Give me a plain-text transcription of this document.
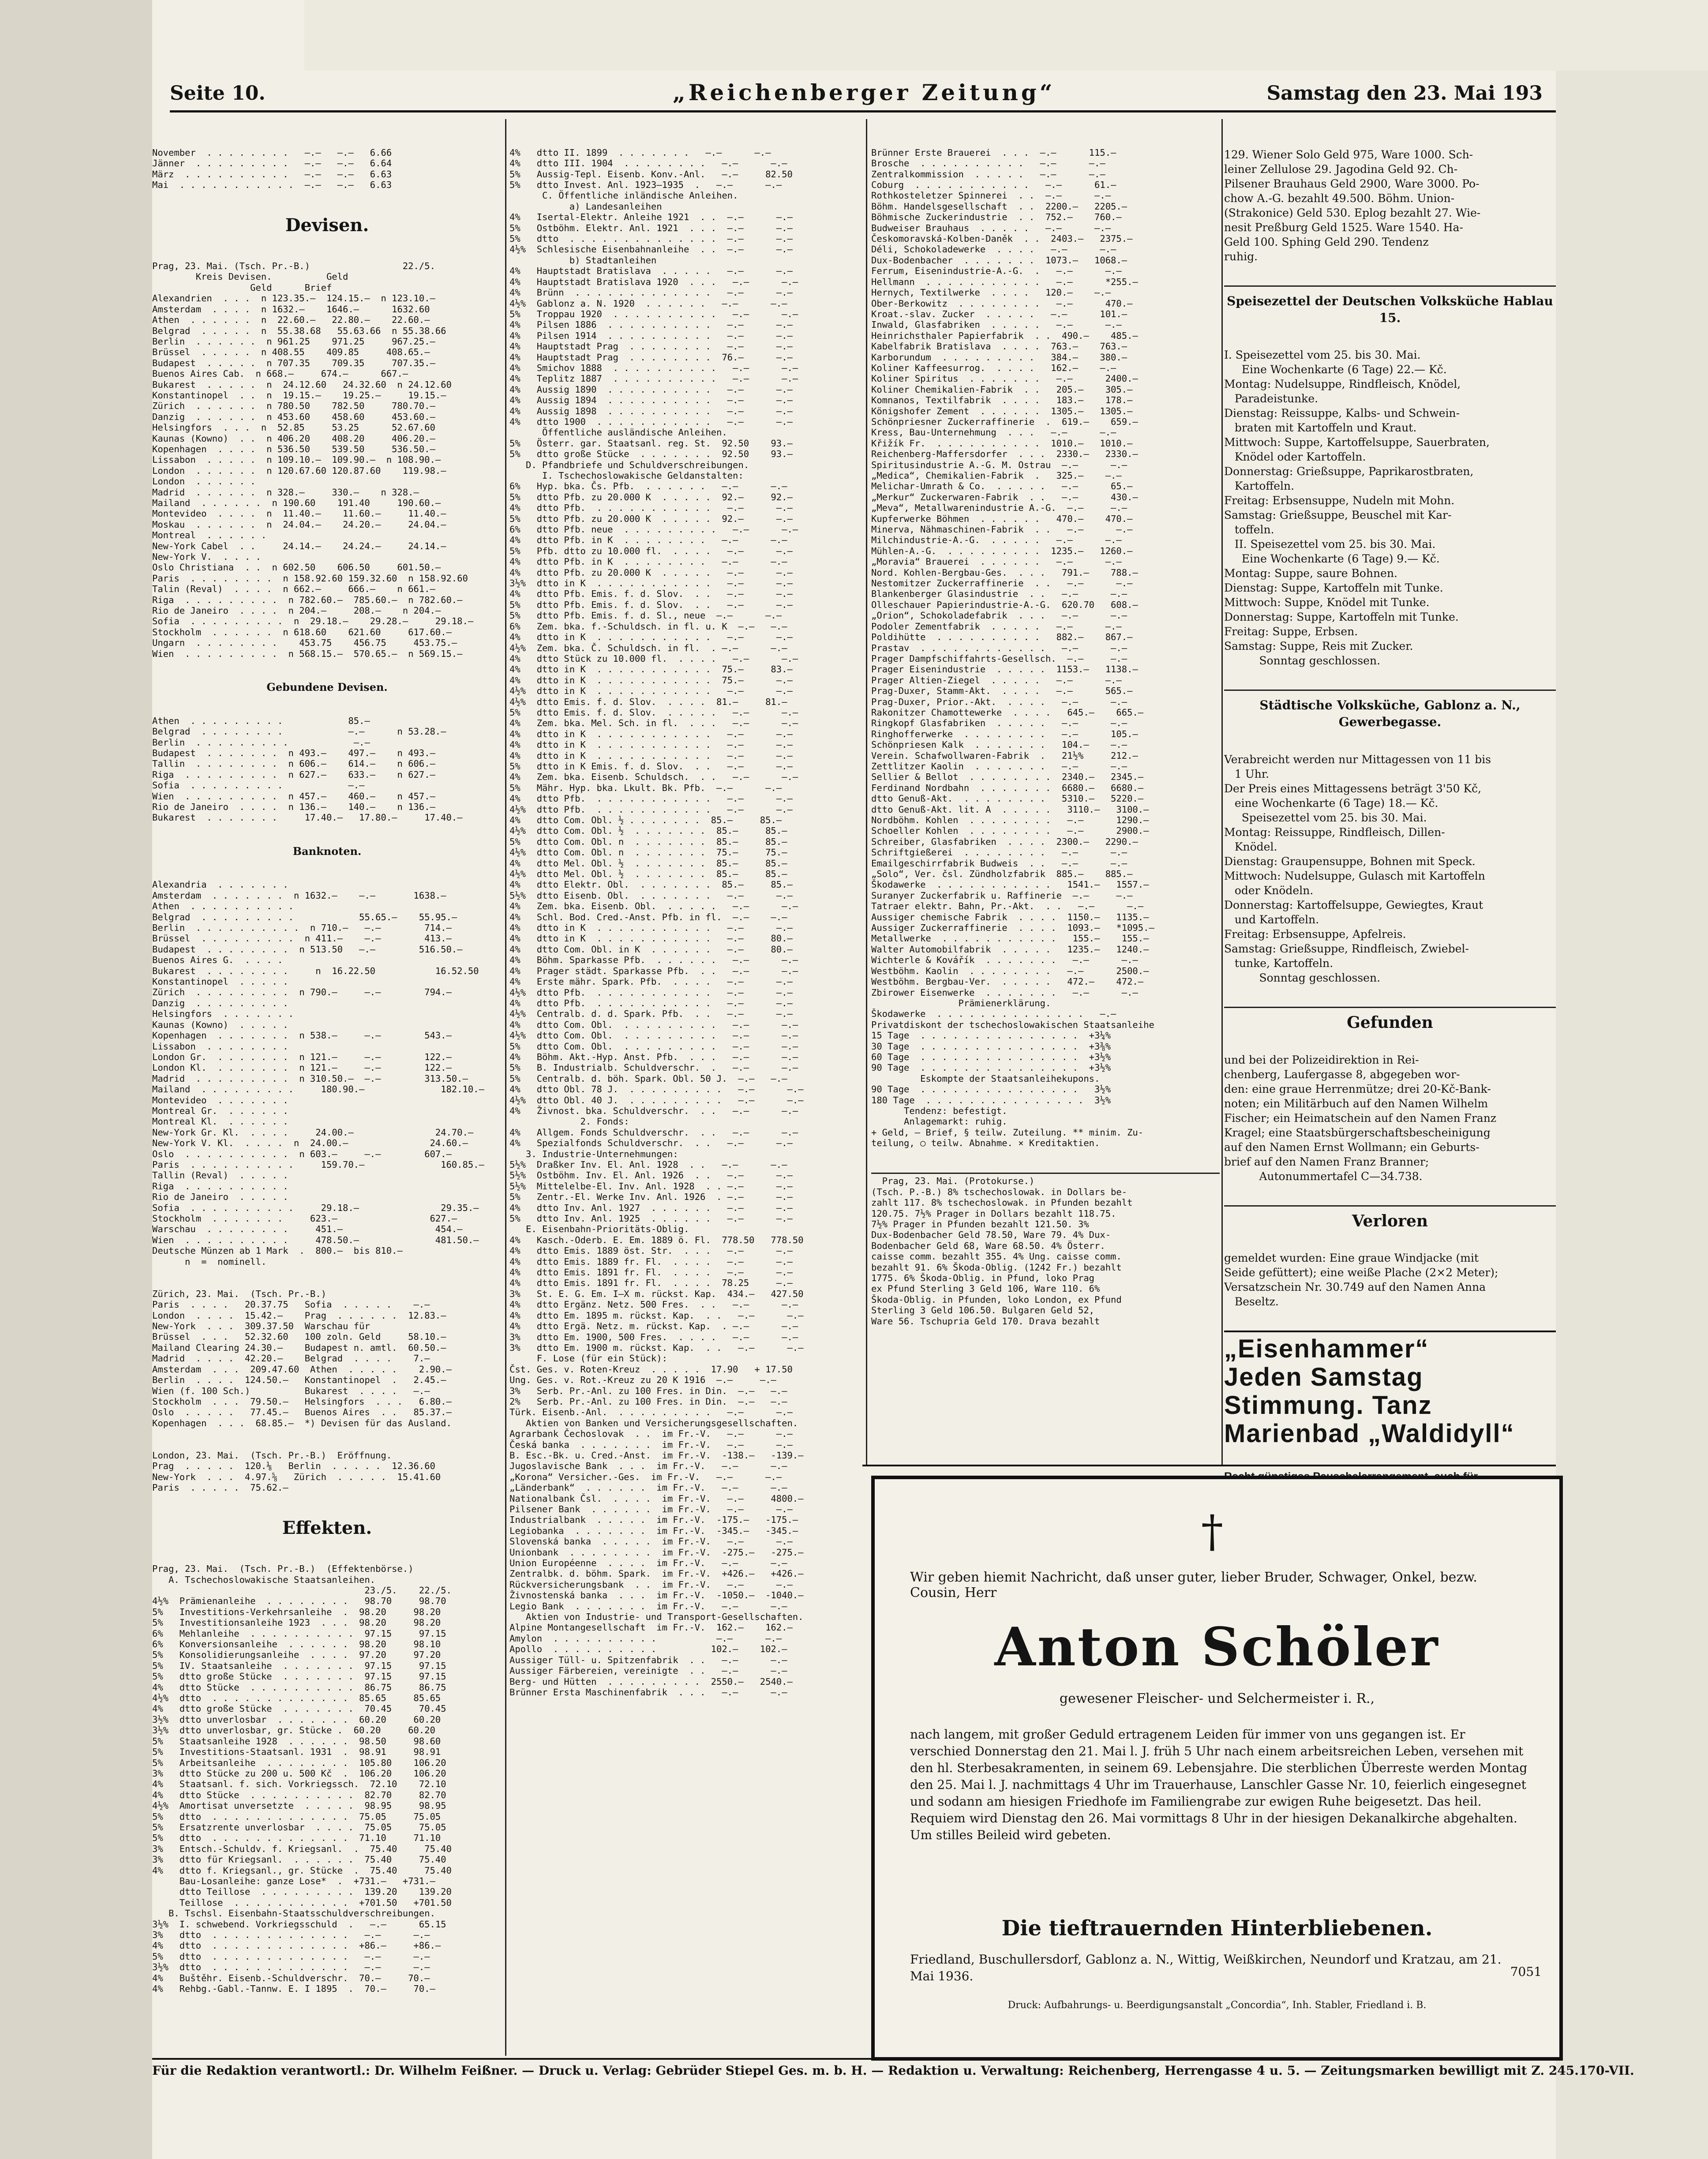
Seite 10.	„Reichenberger Zeitung“	Samstag den 23. Mai 193

November  . . . . . . . .   —.—   —.—   6.66
Jänner  . . . . . . . . .   —.—   —.—   6.64
März  . . . . . . . . . .   —.—   —.—   6.63
Mai  . . . . . . . . . . .  —.—   —.—   6.63

Devisen.

Prag, 23. Mai. (Tsch. Pr.-B.)                 22./5.
Kreis Devisen.          Geld
Geld      Brief
Alexandrien  . . .  n 123.35.—  124.15.—  n 123.10.—
Amsterdam  . . . .  n 1632.—    1646.—      1632.60
Athen  . . . . . .  n  22.60.—   22.80.—    22.60.—
Belgrad  . . . . .  n  55.38.68   55.63.66  n 55.38.66
Berlin  . . . . . .  n 961.25    971.25     967.25.—
Brüssel  . . . . .  n 408.55    409.85     408.65.—
Budapest  . . . . .  n 707.35    709.35     707.35.—
Buenos Aires Cab.  n 668.—     674.—      667.—
Bukarest  . . . . .  n  24.12.60   24.32.60  n 24.12.60
Konstantinopel  . .  n  19.15.—    19.25.—     19.15.—
Zürich  . . . . . .  n 780.50    782.50     780.70.—
Danzig  . . . . . .  n 453.60    458.60     453.60.—
Helsingfors  . . .  n  52.85     53.25      52.67.60
Kaunas (Kowno)  . .  n 406.20    408.20     406.20.—
Kopenhagen  . . . .  n 536.50    539.50     536.50.—
Lissabon  . . . . .  n 109.10.—  109.90.—  n 108.90.—
London  . . . . . .  n 120.67.60 120.87.60    119.98.—
London  . . . . . .
Madrid  . . . . . .  n 328.—     330.—    n 328.—
Mailand  . . . . . .  n 190.60    191.40     190.60.—
Montevideo  . . . .  n  11.40.—    11.60.—     11.40.—
Moskau  . . . . . .  n  24.04.—    24.20.—     24.04.—
Montreal  . . . . . .
New-York Cabel  . .     24.14.—    24.24.—     24.14.—
New-York V.  . . . .
Oslo Christiana  . .  n 602.50    606.50     601.50.—
Paris  . . . . . . . .  n 158.92.60 159.32.60  n 158.92.60
Talin (Reval)  . . . .  n 662.—     666.—    n 661.—
Riga  . . . . . . . . .  n 782.60.—  785.60.—  n 782.60.—
Rio de Janeiro  . . . .  n 204.—     208.—    n 204.—
Sofia  . . . . . . . . .  n  29.18.—    29.28.—     29.18.—
Stockholm  . . . . . .  n 618.60    621.60     617.60.—
Ungarn  . . . . . . . .    453.75    456.75     453.75.—
Wien  . . . . . . . . .  n 568.15.—  570.65.—  n 569.15.—

Gebundene Devisen.

Athen  . . . . . . . . .            85.—
Belgrad  . . . . . . . .            —.—      n 53.28.—
Berlin  . . . . . . . . .            —.—
Budapest  . . . . . . .  n 493.—    497.—    n 493.—
Tallin  . . . . . . . .  n 606.—    614.—    n 606.—
Riga  . . . . . . . . .  n 627.—    633.—    n 627.—
Sofia  . . . . . . . . .            —.—
Wien  . . . . . . . . .  n 457.—    460.—    n 457.—
Rio de Janeiro  . . . .  n 136.—    140.—    n 136.—
Bukarest  . . . . . . .     17.40.—   17.80.—     17.40.—

Banknoten.

Alexandria  . . . . . . .
Amsterdam  . . . . . . .  n 1632.—    —.—       1638.—
Athen  . . . . . . . . . .
Belgrad  . . . . . . . . .            55.65.—    55.95.—
Berlin  . . . . . . . . . .  n 710.—   —.—        714.—
Brüssel  . . . . . . . . .  n 411.—    —.—        413.—
Budapest  . . . . . . . .  n 513.50   —.—        516.50.—
Buenos Aires G.  . . . .
Bukarest  . . . . . . . .     n  16.22.50           16.52.50
Konstantinopel  . . . . .
Zürich  . . . . . . . . .  n 790.—     —.—        794.—
Danzig  . . . . . . . . .
Helsingfors  . . . . . . .
Kaunas (Kowno)  . . . . .
Kopenhagen  . . . . . . .  n 538.—     —.—        543.—
Lissabon  . . . . . . . .
London Gr.  . . . . . . .  n 121.—     —.—        122.—
London Kl.  . . . . . . .  n 121.—     —.—        122.—
Madrid  . . . . . . . . .  n 310.50.—  —.—        313.50.—
Mailand  . . . . . . . . .     180.90.—              182.10.—
Montevideo  . . . . . . .
Montreal Gr.  . . . . . .
Montreal Kl.  . . . . . .
New-York Gr. Kl.  . . . .     24.00.—               24.70.—
New-York V. Kl.  . . . .  n  24.00.—               24.60.—
Oslo  . . . . . . . . . .  n 603.—     —.—        607.—
Paris  . . . . . . . . . .     159.70.—              160.85.—
Tallin (Reval)  . . . . .
Riga  . . . . . . . . . .
Rio de Janeiro  . . . . .
Sofia  . . . . . . . . . .     29.18.—               29.35.—
Stockholm  . . . . . . .     623.—                 627.—
Warschau  . . . . . . . .     451.—                 454.—
Wien  . . . . . . . . . .     478.50.—              481.50.—
Deutsche Münzen ab 1 Mark  .  800.—  bis 810.—
n  =  nominell.

Zürich, 23. Mai.  (Tsch. Pr.-B.)
Paris  . . . .   20.37.75   Sofia  . . . . .    —.—
London  . . . .  15.42.—    Prag  . . . . . .  12.83.—
New-York  . . .  309.37.50  Warschau für
Brüssel  . . .   52.32.60   100 zoln. Geld     58.10.—
Mailand Clearing 24.30.—    Budapest n. amtl.  60.50.—
Madrid  . . . .  42.20.—    Belgrad  . . . .    7.—
Amsterdam  . . .  209.47.60  Athen  . . . . .    2.90.—
Berlin  . . . .  124.50.—   Konstantinopel  .   2.45.—
Wien (f. 100 Sch.)          Bukarest  . . . .   —.—
Stockholm  . . .  79.50.—   Helsingfors  . . .   6.80.—
Oslo  . . . . .   77.45.—   Buenos Aires  . .   85.37.—
Kopenhagen  . . .  68.85.—  *) Devisen für das Ausland.

London, 23. Mai.  (Tsch. Pr.-B.)  Eröffnung.
Prag  . . . . .  120.⅛   Berlin  . . . . .  12.36.60
New-York  . . .  4.97.⅝   Zürich  . . . . .  15.41.60
Paris  . . . . .  75.62.—

Effekten.

Prag, 23. Mai.  (Tsch. Pr.-B.)  (Effektenbörse.)
A. Tschechoslowakische Staatsanleihen.
23./5.    22./5.
4½%  Prämienanleihe  . . . . . . . .   98.70     98.70
5%   Investitions-Verkehrsanleihe  .  98.20     98.20
5%   Investitionsanleihe 1923  . . .  98.20     98.20
6%   Mehlanleihe  . . . . . . . . . .  97.15     97.15
6%   Konversionsanleihe  . . . . . .  98.20     98.10
5%   Konsolidierungsanleihe  . . . .  97.20     97.20
5%   IV. Staatsanleihe  . . . . . . .  97.15     97.15
5%   dtto große Stücke  . . . . . . .  97.15     97.15
4%   dtto Stücke  . . . . . . . . . .  86.75     86.75
4½%  dtto  . . . . . . . . . . . . .  85.65     85.65
4%   dtto große Stücke  . . . . . . .  70.45     70.45
3½%  dtto unverlosbar  . . . . . . .  60.20     60.20
3½%  dtto unverlosbar, gr. Stücke .  60.20     60.20
5%   Staatsanleihe 1928  . . . . . .  98.50     98.60
5%   Investitions-Staatsanl. 1931  .  98.91     98.91
5%   Arbeitsanleihe  . . . . . . . .  105.80    106.20
3%   dtto Stücke zu 200 u. 500 Kč  .  106.20    106.20
4%   Staatsanl. f. sich. Vorkriegssch.  72.10    72.10
4%   dtto Stücke  . . . . . . . . . .  82.70     82.70
4½%  Amortisat unversetzte  . . . . .  98.95     98.95
5%   dtto  . . . . . . . . . . . . .  75.05     75.05
5%   Ersatzrente unverlosbar  . . . .  75.05     75.05
5%   dtto  . . . . . . . . . . . . .  71.10     71.10
3%   Entsch.-Schuldv. f. Kriegsanl.  .  75.40     75.40
3%   dtto für Kriegsanl.  . . . . . .  75.40     75.40
4%   dtto f. Kriegsanl., gr. Stücke  .  75.40     75.40
Bau-Losanleihe: ganze Lose*  .  +731.—   +731.—
dtto Teillose  . . . . . . . . .  139.20    139.20
Teillose  . . . . . . . . . . .  +701.50   +701.50
B. Tschsl. Eisenbahn-Staatsschuldverschreibungen.
3½%  I. schwebend. Vorkriegsschuld  .   —.—      65.15
3%   dtto  . . . . . . . . . . . . .   —.—      —.—
4%   dtto  . . . . . . . . . . . . .  +86.—     +86.—
5%   dtto  . . . . . . . . . . . . .   —.—      —.—
3½%  dtto  . . . . . . . . . . . . .   —.—      —.—
4%   Buštěhr. Eisenb.-Schuldverschr.  70.—     70.—
4%   Rehbg.-Gabl.-Tannw. E. I 1895  .  70.—     70.—

4%   dtto II. 1899  . . . . . . .   —.—      —.—
4%   dtto III. 1904  . . . . . . . .   —.—      —.—
5%   Aussig-Tepl. Eisenb. Konv.-Anl.   —.—     82.50
5%   dtto Invest. Anl. 1923—1935  .   —.—      —.—
C. Öffentliche inländische Anleihen.
a) Landesanleihen
4%   Isertal-Elektr. Anleihe 1921  . .  —.—      —.—
5%   Ostböhm. Elektr. Anl. 1921  . . .  —.—      —.—
5%   dtto  . . . . . . . . . . . . . .  —.—      —.—
4½%  Schlesische Eisenbahnanleihe  . .  —.—      —.—
b) Stadtanleihen
4%   Hauptstadt Bratislava  . . . . .   —.—      —.—
4%   Hauptstadt Bratislava 1920  . . .   —.—      —.—
4%   Brünn  . . . . . . . . . . . . .   —.—      —.—
4½%  Gablonz a. N. 1920  . . . . . .   —.—      —.—
5%   Troppau 1920  . . . . . . . . . .   —.—      —.—
4%   Pilsen 1886  . . . . . . . . . .   —.—      —.—
4%   Pilsen 1914  . . . . . . . . . .   —.—      —.—
4%   Hauptstadt Prag  . . . . . . . .   —.—      —.—
4%   Hauptstadt Prag  . . . . . . . .  76.—      —.—
4%   Smichov 1888  . . . . . . . . . .   —.—      —.—
4%   Teplitz 1887  . . . . . . . . . .   —.—      —.—
4%   Aussig 1890  . . . . . . . . . .   —.—      —.—
4%   Aussig 1894  . . . . . . . . . .   —.—      —.—
4%   Aussig 1898  . . . . . . . . . .   —.—      —.—
4%   dtto 1900  . . . . . . . . . . .   —.—      —.—
Öffentliche ausländische Anleihen.
5%   Österr. gar. Staatsanl. reg. St.  92.50    93.—
5%   dtto große Stücke  . . . . . . .  92.50    93.—
D. Pfandbriefe und Schuldverschreibungen.
I. Tschechoslowakische Geldanstalten:
6%   Hyp. bka. Čs. Pfb.  . . . . . .   —.—      —.—
5%   dtto Pfb. zu 20.000 K  . . . . .  92.—     92.—
4%   dtto Pfb.  . . . . . . . . . . .   —.—      —.—
5%   dtto Pfb. zu 20.000 K  . . . . .  92.—      —.—
6%   dtto Pfb. neue  . . . . . . . . .   —.—      —.—
4%   dtto Pfb. in K  . . . . . . . .   —.—      —.—
5%   Pfb. dtto zu 10.000 fl.  . . . .   —.—      —.—
4%   dtto Pfb. in K  . . . . . . . .   —.—      —.—
4%   dtto Pfb. zu 20.000 K  . . . . .   —.—      —.—
3½%  dtto in K  . . . . . . . . . . .   —.—      —.—
4%   dtto Pfb. Emis. f. d. Slov.  . .   —.—      —.—
5%   dtto Pfb. Emis. f. d. Slov.  . .   —.—      —.—
5%   dtto Pfb. Emis. f. d. Sl., neue  —.—      —.—
6%   Zem. bka. f.-Schuldsch. in fl. u. K  —.—   —.—
4%   dtto in K  . . . . . . . . . . .   —.—      —.—
4½%  Zem. bka. Č. Schuldsch. in fl.  . —.—      —.—
4%   dtto Stück zu 10.000 fl.  . . . .   —.—      —.—
4%   dtto in K  . . . . . . . . . . .  75.—     83.—
4%   dtto in K  . . . . . . . . . . .  75.—      —.—
4½%  dtto in K  . . . . . . . . . . .   —.—      —.—
4½%  dtto Emis. f. d. Slov.  . . . .  81.—     81.—
5%   dtto Emis. f. d. Slov.  . . . . .   —.—      —.—
4%   Zem. bka. Mel. Sch. in fl.  . . .   —.—      —.—
4%   dtto in K  . . . . . . . . . . .   —.—      —.—
4%   dtto in K  . . . . . . . . . . .   —.—      —.—
4%   dtto in K  . . . . . . . . . . .   —.—      —.—
5%   dtto in K Emis. f. d. Slov.  . .   —.—      —.—
4%   Zem. bka. Eisenb. Schuldsch.  . .   —.—      —.—
5%   Mähr. Hyp. bka. Lkult. Bk. Pfb.  —.—      —.—
4%   dtto Pfb.  . . . . . . . . . . .   —.—      —.—
4½%  dtto Pfb.  . . . . . . . . . . .   —.—      —.—
4%   dtto Com. Obl. ½ . . . . . . .  85.—     85.—
4½%  dtto Com. Obl. ½  . . . . . . .  85.—     85.—
5%   dtto Com. Obl. n  . . . . . . .  85.—     85.—
4½%  dtto Com. Obl. n  . . . . . . .  75.—     75.—
4%   dtto Mel. Obl. ½  . . . . . . .  85.—     85.—
4½%  dtto Mel. Obl. ½  . . . . . . .  85.—     85.—
4%   dtto Elektr. Obl.  . . . . . . .  85.—     85.—
5½%  dtto Eisenb. Obl.  . . . . . . .   —.—      —.—
4%   Zem. bka. Eisenb. Obl.  . . . . .   —.—      —.—
4%   Schl. Bod. Cred.-Anst. Pfb. in fl.  —.—    —.—
4%   dtto in K  . . . . . . . . . . .   —.—      —.—
4%   dtto in K  . . . . . . . . . . .   —.—     80.—
4%   dtto Com. Obl. in K  . . . . . .   —.—     80.—
4%   Böhm. Sparkasse Pfb.  . . . . . .   —.—      —.—
4%   Prager städt. Sparkasse Pfb.  . .   —.—      —.—
4%   Erste mähr. Spark. Pfb.  . . . .   —.—      —.—
4½%  dtto Pfb.  . . . . . . . . . . .   —.—      —.—
4%   dtto Pfb.  . . . . . . . . . . .   —.—      —.—
4½%  Centralb. d. d. Spark. Pfb.  . .   —.—      —.—
4%   dtto Com. Obl.  . . . . . . . . .   —.—      —.—
4½%  dtto Com. Obl.  . . . . . . . . .   —.—      —.—
5%   dtto Com. Obl.  . . . . . . . . .   —.—      —.—
4%   Böhm. Akt.-Hyp. Anst. Pfb.  . . .   —.—      —.—
5%   B. Industrialb. Schuldverschr.  .   —.—      —.—
5%   Centralb. d. böh. Spark. Obl. 50 J.  —.—   —.—
4%   dtto Obl. 78 J.  . . . . . . . . .   —.—      —.—
4½%  dtto Obl. 40 J.  . . . . . . . . .   —.—      —.—
4%   Živnost. bka. Schuldverschr.  . .   —.—      —.—
2. Fonds:
4%   Allgem. Fonds Schuldverschr.  . .   —.—      —.—
4%   Spezialfonds Schuldverschr.  . .   —.—      —.—
3. Industrie-Unternehmungen:
5½%  Draßker Inv. El. Anl. 1928  . .   —.—      —.—
5½%  Ostböhm. Inv. El. Anl. 1926  . .   —.—      —.—
5½%  Mittelelbe-El. Inv. Anl. 1928  . . —.—      —.—
5%   Zentr.-El. Werke Inv. Anl. 1926  . —.—      —.—
4%   dtto Inv. Anl. 1927  . . . . . .   —.—      —.—
5%   dtto Inv. Anl. 1925  . . . . . .   —.—      —.—
E. Eisenbahn-Prioritäts-Oblig.
4%   Kasch.-Oderb. E. Em. 1889 ö. Fl.  778.50   778.50
4%   dtto Emis. 1889 öst. Str.  . . .   —.—      —.—
4%   dtto Emis. 1889 fr. Fl.  . . . .   —.—      —.—
4%   dtto Emis. 1891 fr. Fl.  . . . .   —.—      —.—
4%   dtto Emis. 1891 fr. Fl.  . . . .  78.25     —.—
3%   St. E. G. Em. I—X m. rückst. Kap.  434.—   427.50
4%   dtto Ergänz. Netz. 500 Fres.  . .   —.—      —.—
4%   dtto Em. 1895 m. rückst. Kap.  . .   —.—      —.—
4%   dtto Ergä. Netz. m. rückst. Kap.  . —.—      —.—
3%   dtto Em. 1900, 500 Fres.  . . . .   —.—      —.—
3%   dtto Em. 1900 m. rückst. Kap.  . .   —.—      —.—
F. Lose (für ein Stück):
Čst. Ges. v. Roten-Kreuz  . . . . .  17.90   + 17.50
Ung. Ges. v. Rot.-Kreuz zu 20 K 1916  —.—     —.—
3%   Serb. Pr.-Anl. zu 100 Fres. in Din.  —.—   —.—
2%   Serb. Pr.-Anl. zu 100 Fres. in Din.  —.—   —.—
Türk. Eisenb.-Anl.  . . . . . . . . .   —.—      —.—
Aktien von Banken und Versicherungsgesellschaften.
Agrarbank Čechoslovak  . .  im Fr.-V.   —.—      —.—
Česká banka  . . . . . . .  im Fr.-V.   —.—      —.—
B. Esc.-Bk. u. Cred.-Anst.  im Fr.-V.  -138.—   -139.—
Jugoslavische Bank  . . .  im Fr.-V.   —.—      —.—
„Korona“ Versicher.-Ges.  im Fr.-V.   —.—      —.—
„Länderbank“  . . . . . .  im Fr.-V.   —.—      —.—
Nationalbank Čsl.  . . . .  im Fr.-V.   —.—     4800.—
Pilsener Bank  . . . . . .  im Fr.-V.   —.—      —.—
Industrialbank  . . . . .  im Fr.-V.  -175.—   -175.—
Legiobanka  . . . . . . .  im Fr.-V.  -345.—   -345.—
Slovenská banka  . . . . .  im Fr.-V.   —.—      —.—
Unionbank  . . . . . . . .  im Fr.-V.  -275.—   -275.—
Union Européenne  . . . .  im Fr.-V.   —.—      —.—
Zentralbk. d. böhm. Spark.  im Fr.-V.  +426.—   +426.—
Rückversicherungsbank  . .  im Fr.-V.   —.—      —.—
Živnostenská banka  . . .  im Fr.-V.  -1050.—  -1040.—
Legio Bank  . . . . . . .  im Fr.-V.   —.—      —.—
Aktien von Industrie- und Transport-Gesellschaften.
Alpine Montangesellschaft  im Fr.-V.  162.—    162.—
Amylon  . . . . . . . . . .           —.—      —.—
Apollo  . . . . . . . . . .          102.—    102.—
Aussiger Tüll- u. Spitzenfabrik  . .   —.—      —.—
Aussiger Färbereien, vereinigte  . .   —.—      —.—
Berg- und Hütten  . . . . . . . . .  2550.—   2540.—
Brünner Ersta Maschinenfabrik  . . .   —.—      —.—

Brünner Erste Brauerei  . . .  —.—      115.—
Brosche  . . . . . . . . . .   —.—      —.—
Zentralkommission  . . . . .   —.—      —.—
Coburg  . . . . . . . . . . .   —.—      61.—
Rothkosteletzer Spinnerei  . .  —.—      —.—
Böhm. Handelsgesellschaft  . .  2200.—   2205.—
Böhmische Zuckerindustrie  . .  752.—    760.—
Budweiser Brauhaus  . . . . .   —.—      —.—
Českomoravská-Kolben-Daněk  . .  2403.—   2375.—
Déli, Schokoladewerke  . . . .   —.—      —.—
Dux-Bodenbacher  . . . . . . .  1073.—   1068.—
Ferrum, Eisenindustrie-A.-G.  .   —.—      —.—
Hellmann  . . . . . . . . . . .   —.—      *255.—
Hernych, Textilwerke  . . . .   120.—    —.—
Ober-Berkowitz  . . . . . . . .   —.—      470.—
Kroat.-slav. Zucker  . . . . .   —.—      101.—
Inwald, Glasfabriken  . . . . .   —.—      —.—
Heinrichsthaler Papierfabrik  . .  490.—    485.—
Kabelfabrik Bratislava  . . . .  763.—    763.—
Karborundum  . . . . . . . . .   384.—    380.—
Koliner Kaffeesurrog.  . . . .   162.—    —.—
Koliner Spiritus  . . . . . . .   —.—      2400.—
Koliner Chemikalien-Fabrik  . .   205.—    305.—
Komnanos, Textilfabrik  . . . .   183.—    178.—
Königshofer Zement  . . . . . .  1305.—   1305.—
Schönpriesner Zuckerraffinerie  .  619.—    659.—
Kress, Bau-Unternehmung  . . .   —.—      —.—
Křižík Fr.  . . . . . . . . . .  1010.—   1010.—
Reichenberg-Maffersdorfer  . . .  2330.—   2330.—
Spiritusindustrie A.-G. M. Ostrau  —.—      —.—
„Medica“, Chemikalien-Fabrik  .   325.—    —.—
Melichar-Umrath & Co.  . . . . .   —.—      65.—
„Merkur“ Zuckerwaren-Fabrik  . .   —.—      430.—
„Meva“, Metallwarenindustrie A.-G.  —.—     —.—
Kupferwerke Böhmen  . . . . . .   470.—    470.—
Minerva, Nähmaschinen-Fabrik  . .   —.—      —.—
Milchindustrie-A.-G.  . . . . .   —.—      —.—
Mühlen-A.-G.  . . . . . . . . .  1235.—   1260.—
„Moravia“ Brauerei  . . . . . .   —.—      —.—
Nord. Kohlen-Bergbau-Ges.  . . .   791.—    788.—
Nestomitzer Zuckerraffinerie  . .   —.—      —.—
Blankenberger Glasindustrie  . .   —.—      —.—
Olleschauer Papierindustrie-A.-G.  620.70   608.—
„Orion“, Schokoladefabrik  . . .   —.—      —.—
Podoler Zementfabrik  . . . . .   —.—      —.—
Poldihütte  . . . . . . . . . .   882.—    867.—
Prastav  . . . . . . . . . . . .   —.—      —.—
Prager Dampfschiffahrts-Gesellsch.  —.—     —.—
Prager Eisenindustrie  . . . . .  1153.—   1138.—
Prager Altien-Ziegel  . . . . .   —.—      —.—
Prag-Duxer, Stamm-Akt.  . . . .   —.—      565.—
Prag-Duxer, Prior.-Akt.  . . . .   —.—      —.—
Rakonitzer Chamottewerke  . . . .   645.—    665.—
Ringkopf Glasfabriken  . . . . .   —.—      —.—
Ringhofferwerke  . . . . . . . .   —.—      105.—
Schönpriesen Kalk  . . . . . . .   104.—    —.—
Verein. Schafwollwaren-Fabrik  .   21½%     212.—
Zettlitzer Kaolin  . . . . . . .   —.—      —.—
Sellier & Bellot  . . . . . . . .  2340.—   2345.—
Ferdinand Nordbahn  . . . . . . .  6680.—   6680.—
dtto Genuß-Akt.  . . . . . . . .   5310.—   5220.—
dtto Genuß-Akt. lit. A  . . . . .   3110.—   3100.—
Nordböhm. Kohlen  . . . . . . . .   —.—      1290.—
Schoeller Kohlen  . . . . . . . .   —.—      2900.—
Schreiber, Glasfabriken  . . . .  2300.—   2290.—
Schriftgießerei  . . . . . . . .   —.—      —.—
Emailgeschirrfabrik Budweis  . .   —.—      —.—
„Solo“, Ver. čsl. Zündholzfabrik  885.—    885.—
Škodawerke  . . . . . . . . . . .   1541.—   1557.—
Suranyer Zuckerfabrik u. Raffinerie  —.—     —.—
Tatraer elektr. Bahn, Pr.-Akt.  . .   —.—      —.—
Aussiger chemische Fabrik  . . . .  1150.—   1135.—
Aussiger Zuckerraffinerie  . . . .  1093.—   *1095.—
Metallwerke  . . . . . . . . . . .   155.—    155.—
Walter Automobilfabrik  . . . . .   1235.—   1240.—
Wichterle & Kovářík  . . . . . . .   —.—      —.—
Westböhm. Kaolin  . . . . . . . .   —.—      2500.—
Westböhm. Bergbau-Ver.  . . . . .   472.—    472.—
Zbirower Eisenwerke  . . . . . . .   —.—      —.—
Prämienerklärung.
Škodawerke  . . . . . . . . . . . . . .   —.—
Privatdiskont der tschechoslowakischen Staatsanleihe
15 Tage  . . . . . . . . . . . . . . .  +3¼%
30 Tage  . . . . . . . . . . . . . . .  +3⅜%
60 Tage  . . . . . . . . . . . . . . .  +3½%
90 Tage  . . . . . . . . . . . . . . .  +3½%
Eskompte der Staatsanleihekupons.
90 Tage  . . . . . . . . . . . . . . .   3½%
180 Tage  . . . . . . . . . . . . . . .  3½%
Tendenz: befestigt.
Anlagemarkt: ruhig.
+ Geld, — Brief, § teilw. Zuteilung. ** minim. Zu-
teilung, ○ teilw. Abnahme. × Kreditaktien.

Prag, 23. Mai. (Protokurse.)
(Tsch. P.-B.) 8% tschechoslowak. in Dollars be-
zahlt 117. 8% tschechoslowak. in Pfunden bezahlt
120.75. 7½% Prager in Dollars bezahlt 118.75.
7½% Prager in Pfunden bezahlt 121.50. 3%
Dux-Bodenbacher Geld 78.50, Ware 79. 4% Dux-
Bodenbacher Geld 68, Ware 68.50. 4% Österr.
caisse comm. bezahlt 355. 4% Ung. caisse comm.
bezahlt 91. 6% Škoda-Oblig. (1242 Fr.) bezahlt
1775. 6% Škoda-Oblig. in Pfund, loko Prag
ex Pfund Sterling 3 Geld 106, Ware 110. 6%
Škoda-Oblig. in Pfunden, loko London, ex Pfund
Sterling 3 Geld 106.50. Bulgaren Geld 52,
Ware 56. Tschupria Geld 170. Drava bezahlt

129. Wiener Solo Geld 975, Ware 1000. Sch-
leiner Zellulose 29. Jagodina Geld 92. Ch-
Pilsener Brauhaus Geld 2900, Ware 3000. Po-
chow A.-G. bezahlt 49.500. Böhm. Union-
(Strakonice) Geld 530. Eplog bezahlt 27. Wie-
nesit Preßburg Geld 1525. Ware 1540. Ha-
Geld 100. Sphing Geld 290. Tendenz
ruhig.

Speisezettel der Deutschen Volksküche Hablau 15.

I. Speisezettel vom 25. bis 30. Mai.
Eine Wochenkarte (6 Tage) 22.— Kč.
Montag: Nudelsuppe, Rindfleisch, Knödel,
Paradeistunke.
Dienstag: Reissuppe, Kalbs- und Schwein-
braten mit Kartoffeln und Kraut.
Mittwoch: Suppe, Kartoffelsuppe, Sauerbraten,
Knödel oder Kartoffeln.
Donnerstag: Grießsuppe, Paprikarostbraten,
Kartoffeln.
Freitag: Erbsensuppe, Nudeln mit Mohn.
Samstag: Grießsuppe, Beuschel mit Kar-
toffeln.
II. Speisezettel vom 25. bis 30. Mai.
Eine Wochenkarte (6 Tage) 9.— Kč.
Montag: Suppe, saure Bohnen.
Dienstag: Suppe, Kartoffeln mit Tunke.
Mittwoch: Suppe, Knödel mit Tunke.
Donnerstag: Suppe, Kartoffeln mit Tunke.
Freitag: Suppe, Erbsen.
Samstag: Suppe, Reis mit Zucker.
Sonntag geschlossen.

Städtische Volksküche, Gablonz a. N., Gewerbegasse.

Verabreicht werden nur Mittagessen von 11 bis
1 Uhr.
Der Preis eines Mittagessens beträgt 3'50 Kč,
eine Wochenkarte (6 Tage) 18.— Kč.
Speisezettel vom 25. bis 30. Mai.
Montag: Reissuppe, Rindfleisch, Dillen-
Knödel.
Dienstag: Graupensuppe, Bohnen mit Speck.
Mittwoch: Nudelsuppe, Gulasch mit Kartoffeln
oder Knödeln.
Donnerstag: Kartoffelsuppe, Gewiegtes, Kraut
und Kartoffeln.
Freitag: Erbsensuppe, Apfelreis.
Samstag: Grießsuppe, Rindfleisch, Zwiebel-
tunke, Kartoffeln.
Sonntag geschlossen.

Gefunden

und bei der Polizeidirektion in Rei-
chenberg, Laufergasse 8, abgegeben wor-
den: eine graue Herrenmütze; drei 20-Kč-Bank-
noten; ein Militärbuch auf den Namen Wilhelm
Fischer; ein Heimatschein auf den Namen Franz
Kragel; eine Staatsbürgerschaftsbescheinigung
auf den Namen Ernst Wollmann; ein Geburts-
brief auf den Namen Franz Branner;
Autonummertafel C—34.738.

Verloren

gemeldet wurden: Eine graue Windjacke (mit
Seide gefüttert); eine weiße Plache (2×2 Meter);
Versatzschein Nr. 30.749 auf den Namen Anna
Beseltz.

„Eisenhammer“
Jeden Samstag Stimmung. Tanz
Marienbad „Waldidyll“

†
Wir geben hiemit Nachricht, daß unser guter, lieber Bruder, Schwager, Onkel, bezw. Cousin, Herr
Anton Schöler
gewesener Fleischer- und Selchermeister i. R.,
nach langem, mit großer Geduld ertragenem Leiden für immer von uns gegangen ist. Er verschied Donnerstag den 21. Mai l. J. früh 5 Uhr nach einem arbeitsreichen Leben, versehen mit den hl. Sterbesakramenten, in seinem 69. Lebensjahre. Die sterblichen Überreste werden Montag den 25. Mai l. J. nachmittags 4 Uhr im Trauerhause, Lanschler Gasse Nr. 10, feierlich eingesegnet und sodann am hiesigen Friedhofe im Familiengrabe zur ewigen Ruhe beigesetzt. Das heil. Requiem wird Dienstag den 26. Mai vormittags 8 Uhr in der hiesigen Dekanalkirche abgehalten. Um stilles Beileid wird gebeten.
Die tieftrauernden Hinterbliebenen.
Friedland, Buschullersdorf, Gablonz a. N., Wittig, Weißkirchen, Neundorf und Kratzau, am 21. Mai 1936.	7051
Druck: Aufbahrungs- u. Beerdigungsanstalt „Concordia“, Inh. Stabler, Friedland i. B.
Für die Redaktion verantwortl.: Dr. Wilhelm Feißner. — Druck u. Verlag: Gebrüder Stiepel Ges. m. b. H. — Redaktion u. Verwaltung: Reichenberg, Herrengasse 4 u. 5. — Zeitungsmarken bewilligt mit Z. 245.170-VII.
